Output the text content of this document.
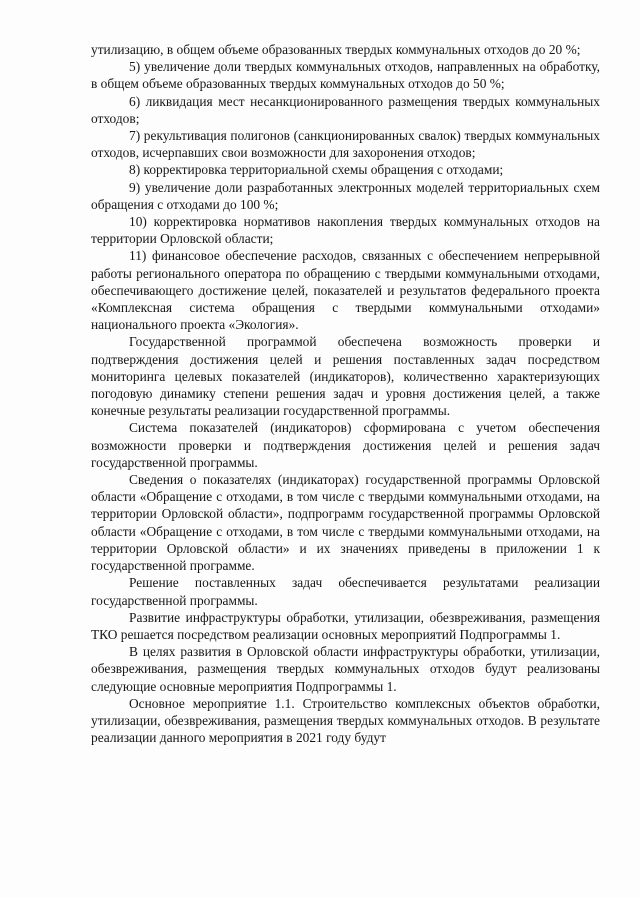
утилизацию, в общем объеме образованных твердых коммунальных отходов до 20 %;

5) увеличение доли твердых коммунальных отходов, направленных на обработку, в общем объеме образованных твердых коммунальных отходов до 50 %;

6) ликвидация мест несанкционированного размещения твердых коммунальных отходов;

7) рекультивация полигонов (санкционированных свалок) твердых коммунальных отходов, исчерпавших свои возможности для захоронения отходов;

8) корректировка территориальной схемы обращения с отходами;

9) увеличение доли разработанных электронных моделей территориальных схем обращения с отходами до 100 %;

10) корректировка нормативов накопления твердых коммунальных отходов на территории Орловской области;

11) финансовое обеспечение расходов, связанных с обеспечением непрерывной работы регионального оператора по обращению с твердыми коммунальными отходами, обеспечивающего достижение целей, показателей и результатов федерального проекта «Комплексная система обращения с твердыми коммунальными отходами» национального проекта «Экология».

Государственной программой обеспечена возможность проверки и подтверждения достижения целей и решения поставленных задач посредством мониторинга целевых показателей (индикаторов), количественно характеризующих погодовую динамику степени решения задач и уровня достижения целей, а также конечные результаты реализации государственной программы.

Система показателей (индикаторов) сформирована с учетом обеспечения возможности проверки и подтверждения достижения целей и решения задач государственной программы.

Сведения о показателях (индикаторах) государственной программы Орловской области «Обращение с отходами, в том числе с твердыми коммунальными отходами, на территории Орловской области», подпрограмм государственной программы Орловской области «Обращение с отходами, в том числе с твердыми коммунальными отходами, на территории Орловской области» и их значениях приведены в приложении 1 к государственной программе.

Решение поставленных задач обеспечивается результатами реализации государственной программы.

Развитие инфраструктуры обработки, утилизации, обезвреживания, размещения ТКО решается посредством реализации основных мероприятий Подпрограммы 1.

В целях развития в Орловской области инфраструктуры обработки, утилизации, обезвреживания, размещения твердых коммунальных отходов будут реализованы следующие основные мероприятия Подпрограммы 1.

Основное мероприятие 1.1. Строительство комплексных объектов обработки, утилизации, обезвреживания, размещения твердых коммунальных отходов. В результате реализации данного мероприятия в 2021 году будут
